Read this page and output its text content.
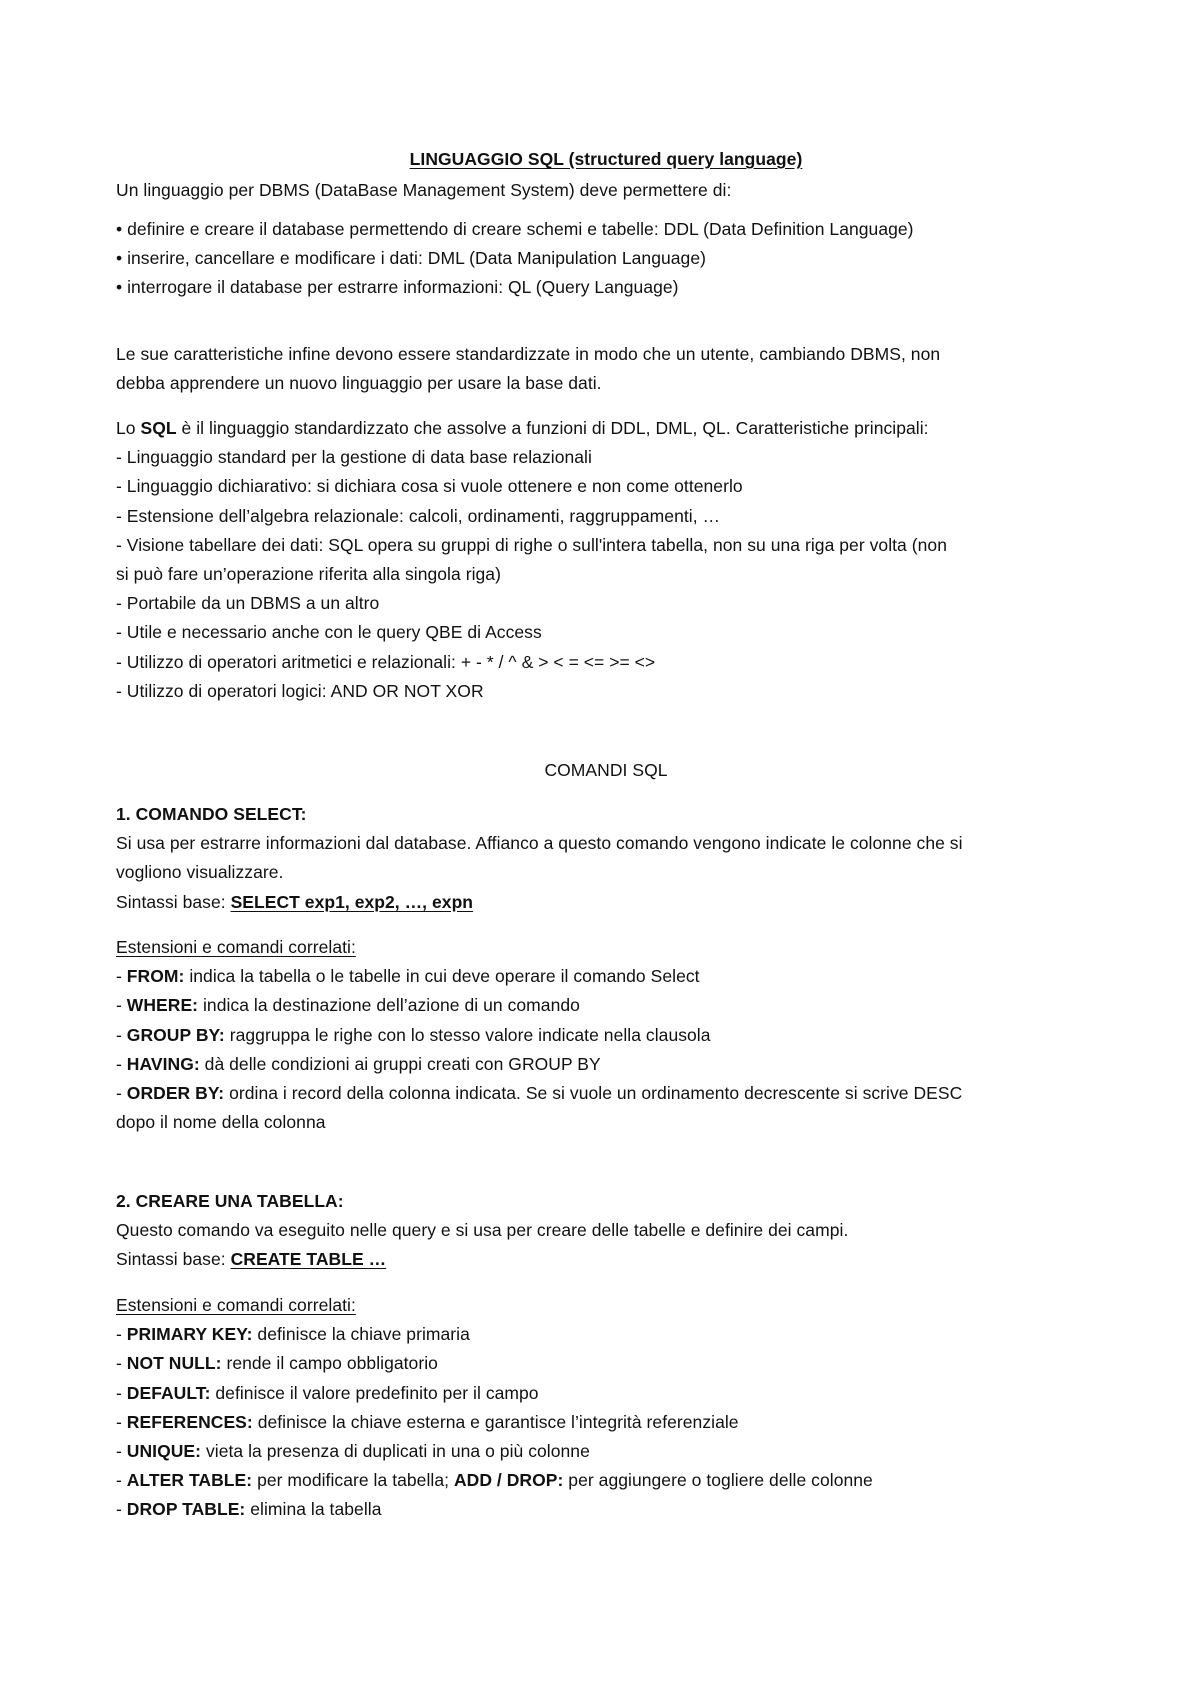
LINGUAGGIO SQL (structured query language)
Un linguaggio per DBMS (DataBase Management System) deve permettere di:
• definire e creare il database permettendo di creare schemi e tabelle: DDL (Data Definition Language)
• inserire, cancellare e modificare i dati: DML (Data Manipulation Language)
• interrogare il database per estrarre informazioni: QL (Query Language)
Le sue caratteristiche infine devono essere standardizzate in modo che un utente, cambiando DBMS, non
debba apprendere un nuovo linguaggio per usare la base dati.
Lo SQL è il linguaggio standardizzato che assolve a funzioni di DDL, DML, QL. Caratteristiche principali:
- Linguaggio standard per la gestione di data base relazionali
- Linguaggio dichiarativo: si dichiara cosa si vuole ottenere e non come ottenerlo
- Estensione dell’algebra relazionale: calcoli, ordinamenti, raggruppamenti, …
- Visione tabellare dei dati: SQL opera su gruppi di righe o sull'intera tabella, non su una riga per volta (non
si può fare un’operazione riferita alla singola riga)
- Portabile da un DBMS a un altro
- Utile e necessario anche con le query QBE di Access
- Utilizzo di operatori aritmetici e relazionali: + - * / ^ & > < = <= >= <>
- Utilizzo di operatori logici: AND OR NOT XOR
COMANDI SQL
1. COMANDO SELECT:
Si usa per estrarre informazioni dal database. Affianco a questo comando vengono indicate le colonne che si
vogliono visualizzare.
Sintassi base: SELECT exp1, exp2, …, expn
Estensioni e comandi correlati:
- FROM: indica la tabella o le tabelle in cui deve operare il comando Select
- WHERE: indica la destinazione dell’azione di un comando
- GROUP BY: raggruppa le righe con lo stesso valore indicate nella clausola
- HAVING: dà delle condizioni ai gruppi creati con GROUP BY
- ORDER BY: ordina i record della colonna indicata. Se si vuole un ordinamento decrescente si scrive DESC
dopo il nome della colonna
2. CREARE UNA TABELLA:
Questo comando va eseguito nelle query e si usa per creare delle tabelle e definire dei campi.
Sintassi base: CREATE TABLE …
Estensioni e comandi correlati:
- PRIMARY KEY: definisce la chiave primaria
- NOT NULL: rende il campo obbligatorio
- DEFAULT: definisce il valore predefinito per il campo
- REFERENCES: definisce la chiave esterna e garantisce l’integrità referenziale
- UNIQUE: vieta la presenza di duplicati in una o più colonne
- ALTER TABLE: per modificare la tabella; ADD / DROP: per aggiungere o togliere delle colonne
- DROP TABLE: elimina la tabella
